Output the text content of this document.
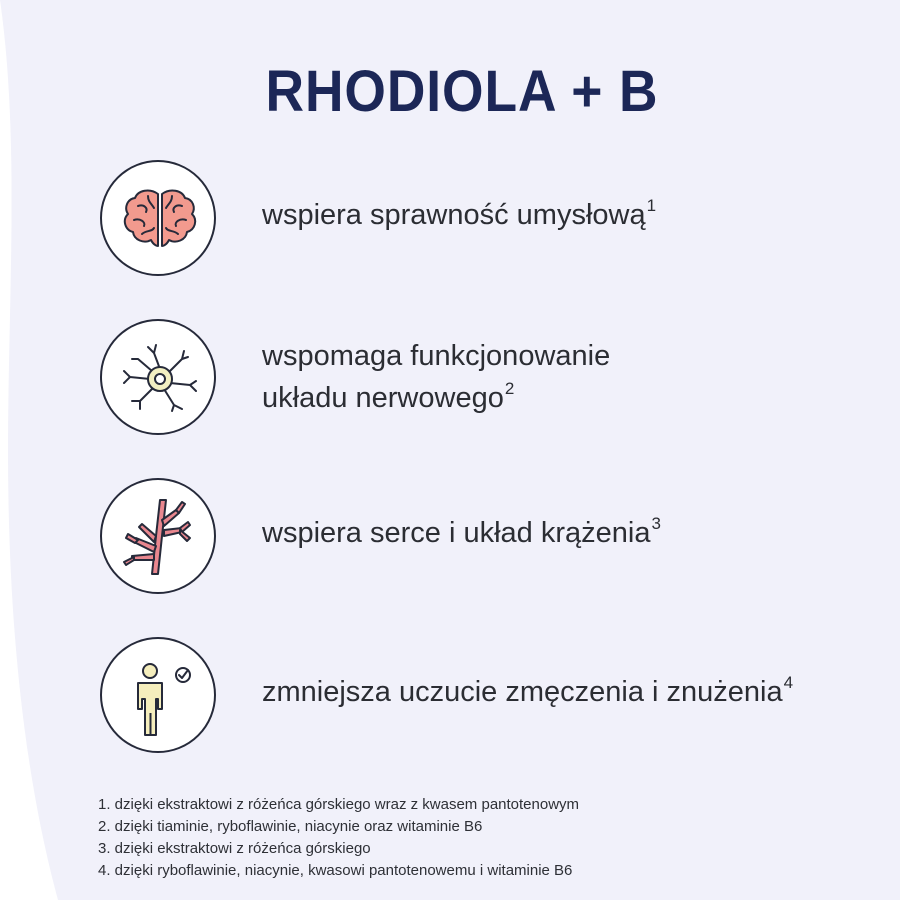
RHODIOLA + B
wspiera sprawność umysłową$^1$
wspomaga funkcjonowanie
układu nerwowego$^2$
wspiera serce i układ krążenia$^3$
zmniejsza uczucie zmęczenia i znużenia$^4$
1. dzięki ekstraktowi z różeńca górskiego wraz z kwasem pantotenowym
2. dzięki tiaminie, ryboflawinie, niacynie oraz witaminie B6
3. dzięki ekstraktowi z różeńca górskiego
4. dzięki ryboflawinie, niacynie, kwasowi pantotenowemu i witaminie B6
